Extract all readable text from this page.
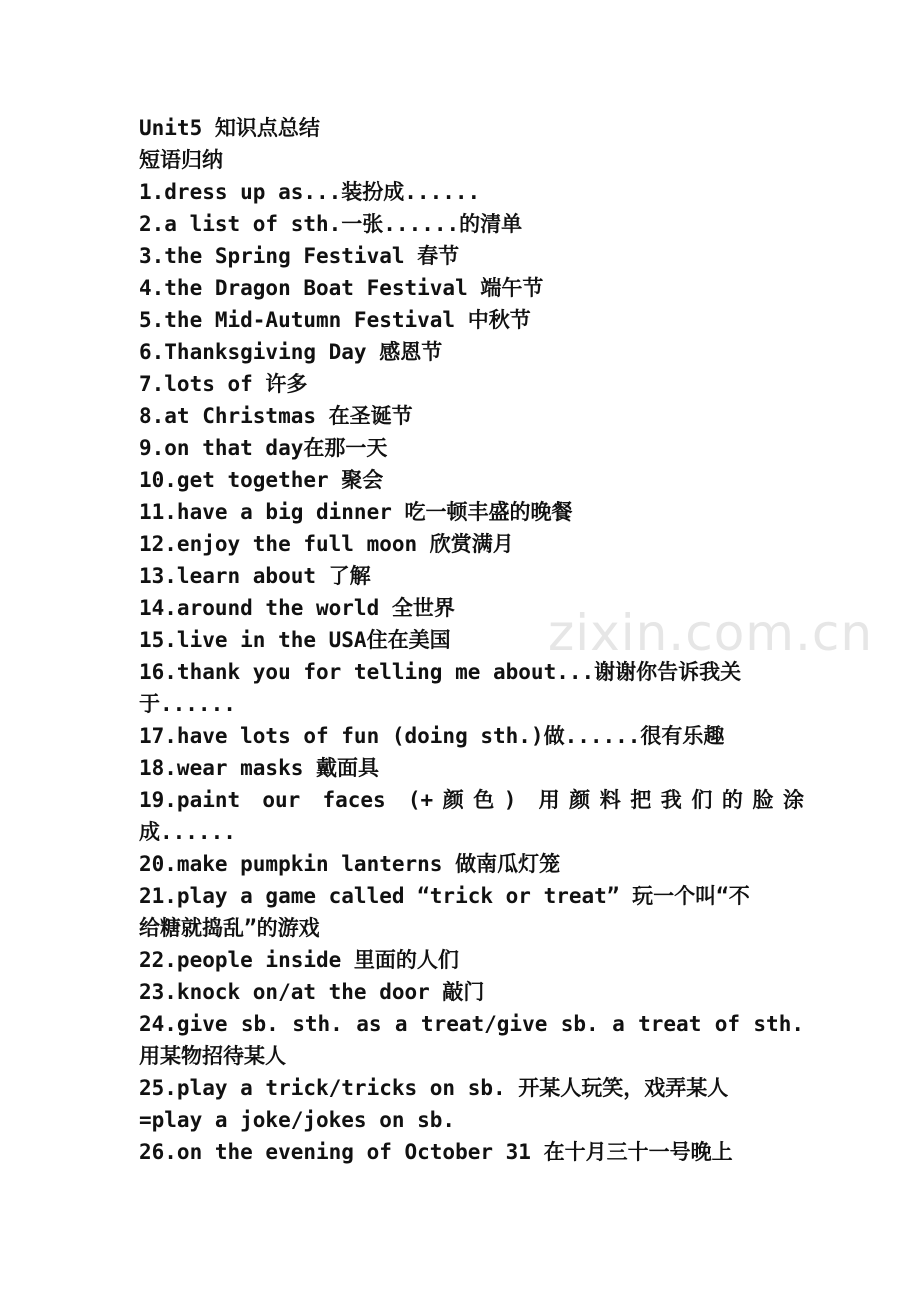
zixin.com.cn

Unit5 知识点总结

短语归纳

1.dress up as...装扮成......

2.a list of sth.一张......的清单

3.the Spring Festival 春节

4.the Dragon Boat Festival 端午节

5.the Mid-Autumn Festival 中秋节

6.Thanksgiving Day 感恩节

7.lots of 许多

8.at Christmas 在圣诞节

9.on that day在那一天

10.get together 聚会

11.have a big dinner 吃一顿丰盛的晚餐

12.enjoy the full moon 欣赏满月

13.learn about 了解

14.around the world 全世界

15.live in the USA住在美国

16.thank you for telling me about...谢谢你告诉我关

于......

17.have lots of fun (doing sth.)做......很有乐趣

18.wear masks 戴面具

19.paint our faces (+颜色) 用颜料把我们的脸涂

成......

20.make pumpkin lanterns 做南瓜灯笼

21.play a game called “trick or treat” 玩一个叫“不

给糖就捣乱”的游戏

22.people inside 里面的人们

23.knock on/at the door 敲门

24.give sb. sth. as a treat/give sb. a treat of sth.

用某物招待某人

25.play a trick/tricks on sb. 开某人玩笑，戏弄某人

=play a joke/jokes on sb.

26.on the evening of October 31 在十月三十一号晚上
